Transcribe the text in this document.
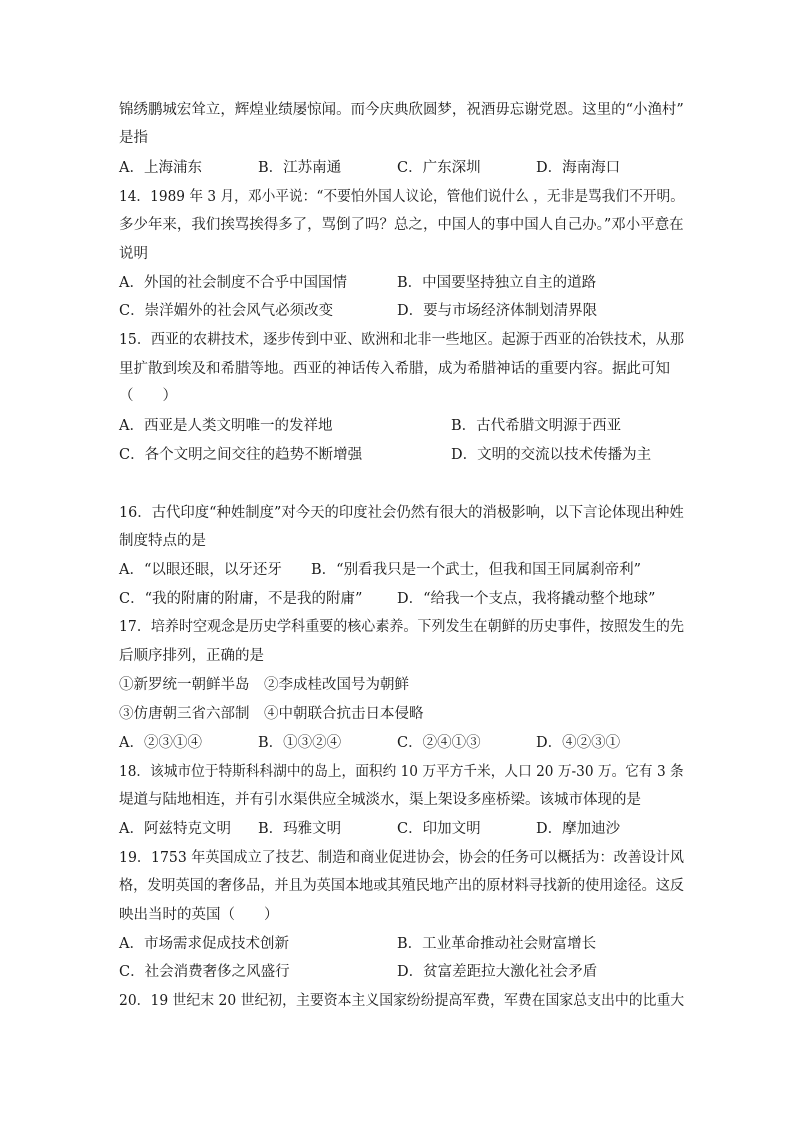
锦绣鹏城宏耸立，辉煌业绩屡惊闻。而今庆典欣圆梦，祝酒毋忘谢党恩。这里的“小渔村”
是指
A．上海浦东	B．江苏南通	C．广东深圳	D．海南海口
14．1989 年 3 月，邓小平说：“不要怕外国人议论，管他们说什么 ，无非是骂我们不开明。
多少年来，我们挨骂挨得多了，骂倒了吗？总之，中国人的事中国人自己办。”邓小平意在
说明
A．外国的社会制度不合乎中国国情	B．中国要坚持独立自主的道路
C．崇洋媚外的社会风气必须改变	D．要与市场经济体制划清界限
15．西亚的农耕技术，逐步传到中亚、欧洲和北非一些地区。起源于西亚的冶铁技术，从那
里扩散到埃及和希腊等地。西亚的神话传入希腊，成为希腊神话的重要内容。据此可知
（　　）
A．西亚是人类文明唯一的发祥地	B．古代希腊文明源于西亚
C．各个文明之间交往的趋势不断增强	D．文明的交流以技术传播为主
16．古代印度“种姓制度”对今天的印度社会仍然有很大的消极影响，以下言论体现出种姓
制度特点的是
A．“以眼还眼，以牙还牙 B．“别看我只是一个武士，但我和国王同属刹帝利”
C．“我的附庸的附庸，不是我的附庸” D．“给我一个支点，我将撬动整个地球”
17．培养时空观念是历史学科重要的核心素养。下列发生在朝鲜的历史事件，按照发生的先
后顺序排列，正确的是
①新罗统一朝鲜半岛　②李成桂改国号为朝鲜
③仿唐朝三省六部制　④中朝联合抗击日本侵略
A．②③①④	B．①③②④	C．②④①③	D．④②③①
18．该城市位于特斯科科湖中的岛上，面积约 10 万平方千米，人口 20 万-30 万。它有 3 条
堤道与陆地相连，并有引水渠供应全城淡水，渠上架设多座桥梁。该城市体现的是
A．阿兹特克文明 B．玛雅文明	C．印加文明	D．摩加迪沙
19．1753 年英国成立了技艺、制造和商业促进协会，协会的任务可以概括为：改善设计风
格，发明英国的奢侈品，并且为英国本地或其殖民地产出的原材料寻找新的使用途径。这反
映出当时的英国（　　）
A．市场需求促成技术创新	B．工业革命推动社会财富增长
C．社会消费奢侈之风盛行	D．贫富差距拉大激化社会矛盾
20．19 世纪末 20 世纪初，主要资本主义国家纷纷提高军费，军费在国家总支出中的比重大
